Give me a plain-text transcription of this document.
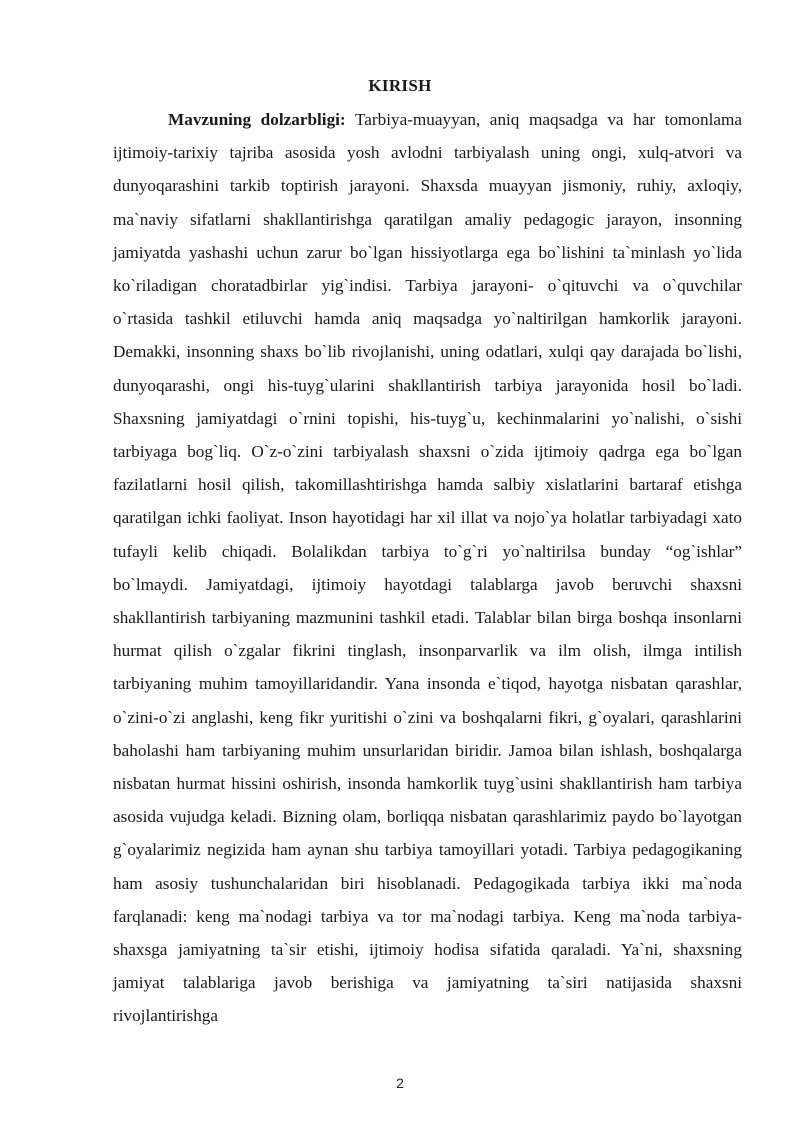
KIRISH

Mavzuning dolzarbligi: Tarbiya-muayyan, aniq maqsadga va har tomonlama ijtimoiy-tarixiy tajriba asosida yosh avlodni tarbiyalash uning ongi, xulq-atvori va dunyoqarashini tarkib toptirish jarayoni. Shaxsda muayyan jismoniy, ruhiy, axloqiy, ma`naviy sifatlarni shakllantirishga qaratilgan amaliy pedagogic jarayon, insonning jamiyatda yashashi uchun zarur bo`lgan hissiyotlarga ega bo`lishini ta`minlash yo`lida ko`riladigan choratadbirlar yig`indisi. Tarbiya jarayoni- o`qituvchi va o`quvchilar o`rtasida tashkil etiluvchi hamda aniq maqsadga yo`naltirilgan hamkorlik jarayoni. Demakki, insonning shaxs bo`lib rivojlanishi, uning odatlari, xulqi qay darajada bo`lishi, dunyoqarashi, ongi his-tuyg`ularini shakllantirish tarbiya jarayonida hosil bo`ladi. Shaxsning jamiyatdagi o`rnini topishi, his-tuyg`u, kechinmalarini yo`nalishi, o`sishi tarbiyaga bog`liq. O`z-o`zini tarbiyalash shaxsni o`zida ijtimoiy qadrga ega bo`lgan fazilatlarni hosil qilish, takomillashtirishga hamda salbiy xislatlarini bartaraf etishga qaratilgan ichki faoliyat. Inson hayotidagi har xil illat va nojo`ya holatlar tarbiyadagi xato tufayli kelib chiqadi. Bolalikdan tarbiya to`g`ri yo`naltirilsa bunday “og`ishlar” bo`lmaydi. Jamiyatdagi, ijtimoiy hayotdagi talablarga javob beruvchi shaxsni shakllantirish tarbiyaning mazmunini tashkil etadi. Talablar bilan birga boshqa insonlarni hurmat qilish o`zgalar fikrini tinglash, insonparvarlik va ilm olish, ilmga intilish tarbiyaning muhim tamoyillaridandir. Yana insonda e`tiqod, hayotga nisbatan qarashlar, o`zini-o`zi anglashi, keng fikr yuritishi o`zini va boshqalarni fikri, g`oyalari, qarashlarini baholashi ham tarbiyaning muhim unsurlaridan biridir. Jamoa bilan ishlash, boshqalarga nisbatan hurmat hissini oshirish, insonda hamkorlik tuyg`usini shakllantirish ham tarbiya asosida vujudga keladi. Bizning olam, borliqqa nisbatan qarashlarimiz paydo bo`layotgan g`oyalarimiz negizida ham aynan shu tarbiya tamoyillari yotadi. Tarbiya pedagogikaning ham asosiy tushunchalaridan biri hisoblanadi. Pedagogikada tarbiya ikki ma`noda farqlanadi: keng ma`nodagi tarbiya va tor ma`nodagi tarbiya. Keng ma`noda tarbiya- shaxsga jamiyatning ta`sir etishi, ijtimoiy hodisa sifatida qaraladi. Ya`ni, shaxsning jamiyat talablariga javob berishiga va jamiyatning ta`siri natijasida shaxsni rivojlantirishga

2
